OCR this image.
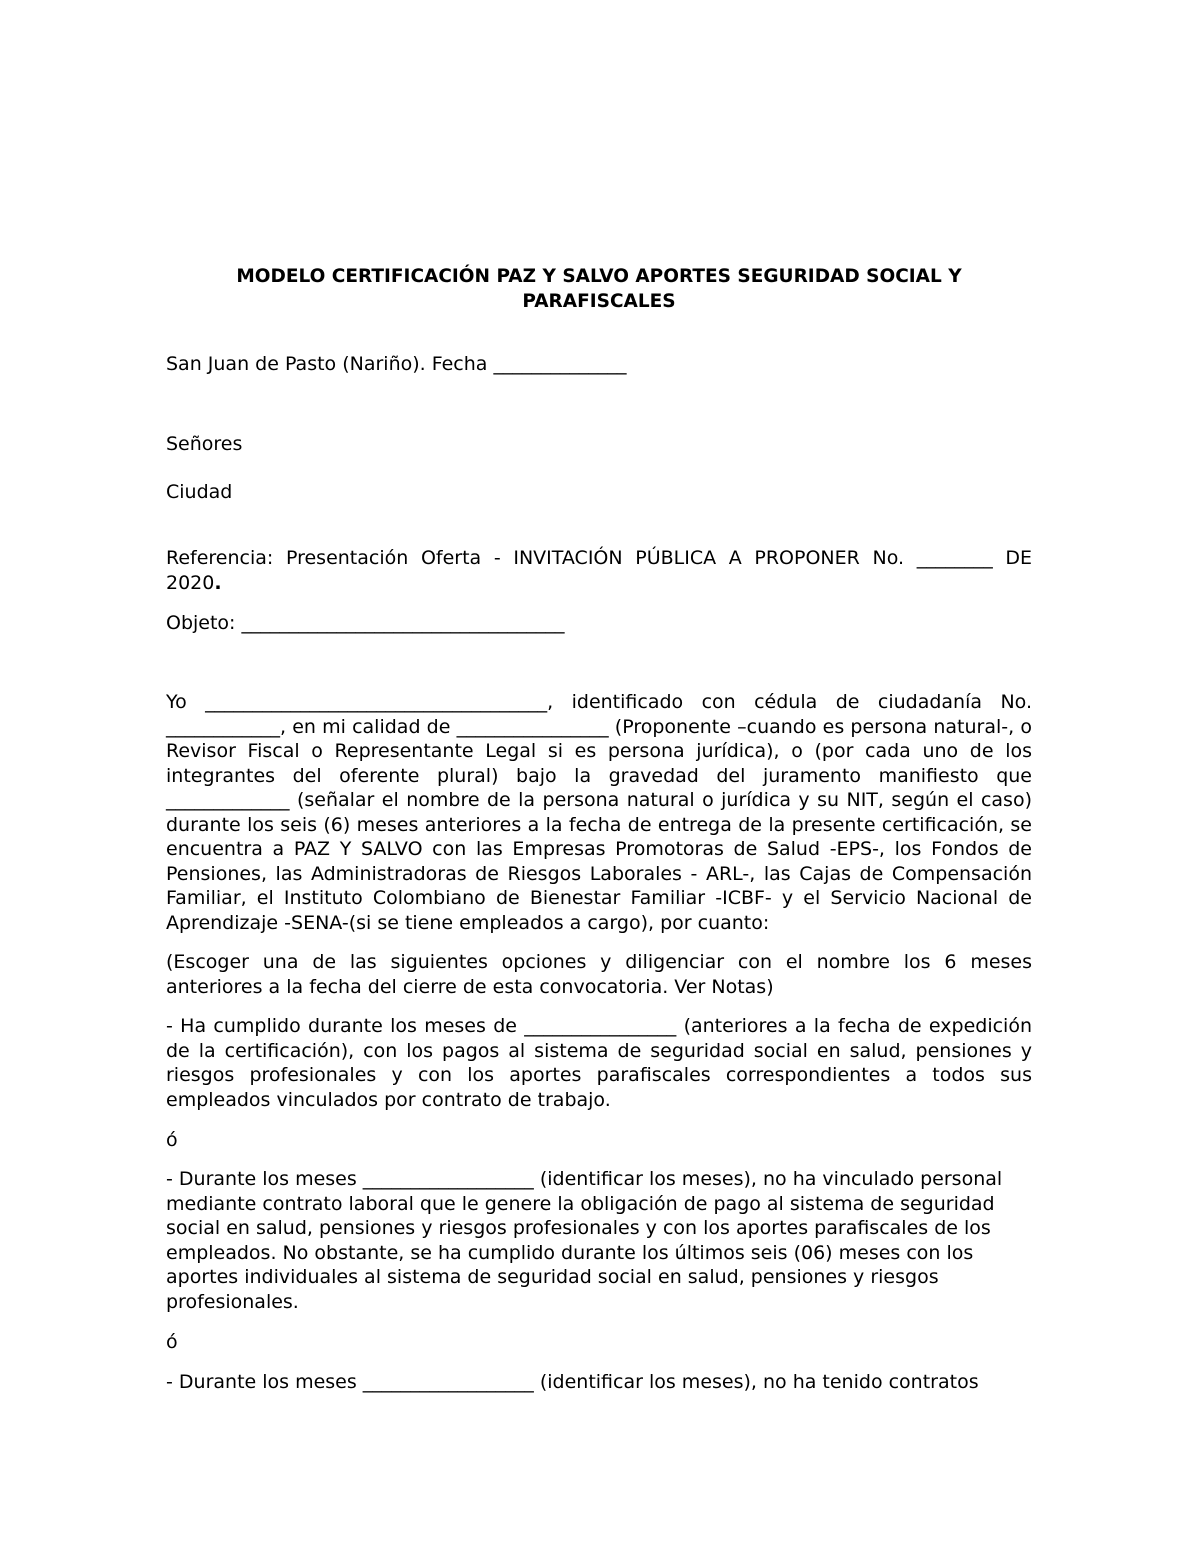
MODELO CERTIFICACIÓN PAZ Y SALVO APORTES SEGURIDAD SOCIAL Y
PARAFISCALES

San Juan de Pasto (Nariño). Fecha ______________

Señores

Ciudad

Referencia: Presentación Oferta - INVITACIÓN PÚBLICA A PROPONER No. ________ DE
2020.

Objeto: __________________________________

Yo ____________________________________, identificado con cédula de ciudadanía No. ____________, en mi calidad de ________________ (Proponente –cuando es persona natural-, o Revisor Fiscal o Representante Legal si es persona jurídica), o (por cada uno de los integrantes del oferente plural) bajo la gravedad del juramento manifiesto que _____________ (señalar el nombre de la persona natural o jurídica y su NIT, según el caso) durante los seis (6) meses anteriores a la fecha de entrega de la presente certificación, se encuentra a PAZ Y SALVO con las Empresas Promotoras de Salud -EPS-, los Fondos de Pensiones, las Administradoras de Riesgos Laborales - ARL-, las Cajas de Compensación Familiar, el Instituto Colombiano de Bienestar Familiar -ICBF- y el Servicio Nacional de Aprendizaje -SENA-(si se tiene empleados a cargo), por cuanto:

(Escoger una de las siguientes opciones y diligenciar con el nombre los 6 meses anteriores a la fecha del cierre de esta convocatoria. Ver Notas)

- Ha cumplido durante los meses de ________________ (anteriores a la fecha de expedición de la certificación), con los pagos al sistema de seguridad social en salud, pensiones y riesgos profesionales y con los aportes parafiscales correspondientes a todos sus empleados vinculados por contrato de trabajo.

ó

- Durante los meses __________________ (identificar los meses), no ha vinculado personal mediante contrato laboral que le genere la obligación de pago al sistema de seguridad social en salud, pensiones y riesgos profesionales y con los aportes parafiscales de los empleados. No obstante, se ha cumplido durante los últimos seis (06) meses con los aportes individuales al sistema de seguridad social en salud, pensiones y riesgos profesionales.

ó

- Durante los meses __________________ (identificar los meses), no ha tenido contratos
